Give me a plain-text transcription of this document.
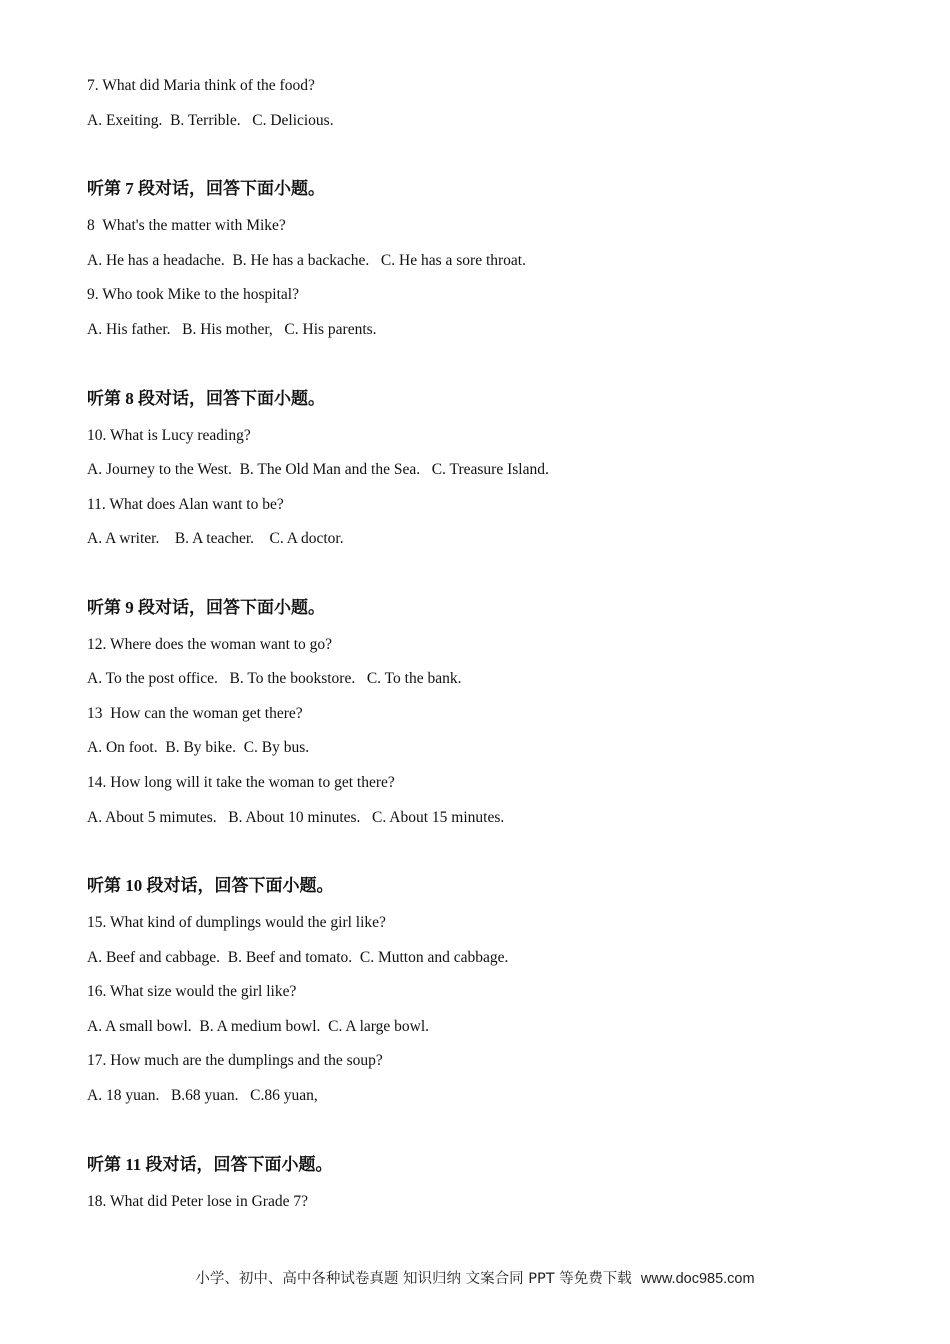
7. What did Maria think of the food?
A. Exeiting.  B. Terrible.   C. Delicious.
听第 7 段对话，回答下面小题。
8  What's the matter with Mike?
A. He has a headache.  B. He has a backache.   C. He has a sore throat.
9. Who took Mike to the hospital?
A. His father.   B. His mother,   C. His parents.
听第 8 段对话，回答下面小题。
10. What is Lucy reading?
A. Journey to the West.  B. The Old Man and the Sea.   C. Treasure Island.
11. What does Alan want to be?
A. A writer.    B. A teacher.    C. A doctor.
听第 9 段对话，回答下面小题。
12. Where does the woman want to go?
A. To the post office.   B. To the bookstore.   C. To the bank.
13  How can the woman get there?
A. On foot.  B. By bike.  C. By bus.
14. How long will it take the woman to get there?
A. About 5 mimutes.   B. About 10 minutes.   C. About 15 minutes.
听第 10 段对话，回答下面小题。
15. What kind of dumplings would the girl like?
A. Beef and cabbage.  B. Beef and tomato.  C. Mutton and cabbage.
16. What size would the girl like?
A. A small bowl.  B. A medium bowl.  C. A large bowl.
17. How much are the dumplings and the soup?
A. 18 yuan.   B.68 yuan.   C.86 yuan,
听第 11 段对话，回答下面小题。
18. What did Peter lose in Grade 7?
小学、初中、高中各种试卷真题 知识归纳 文案合同 PPT 等免费下载  www.doc985.com
